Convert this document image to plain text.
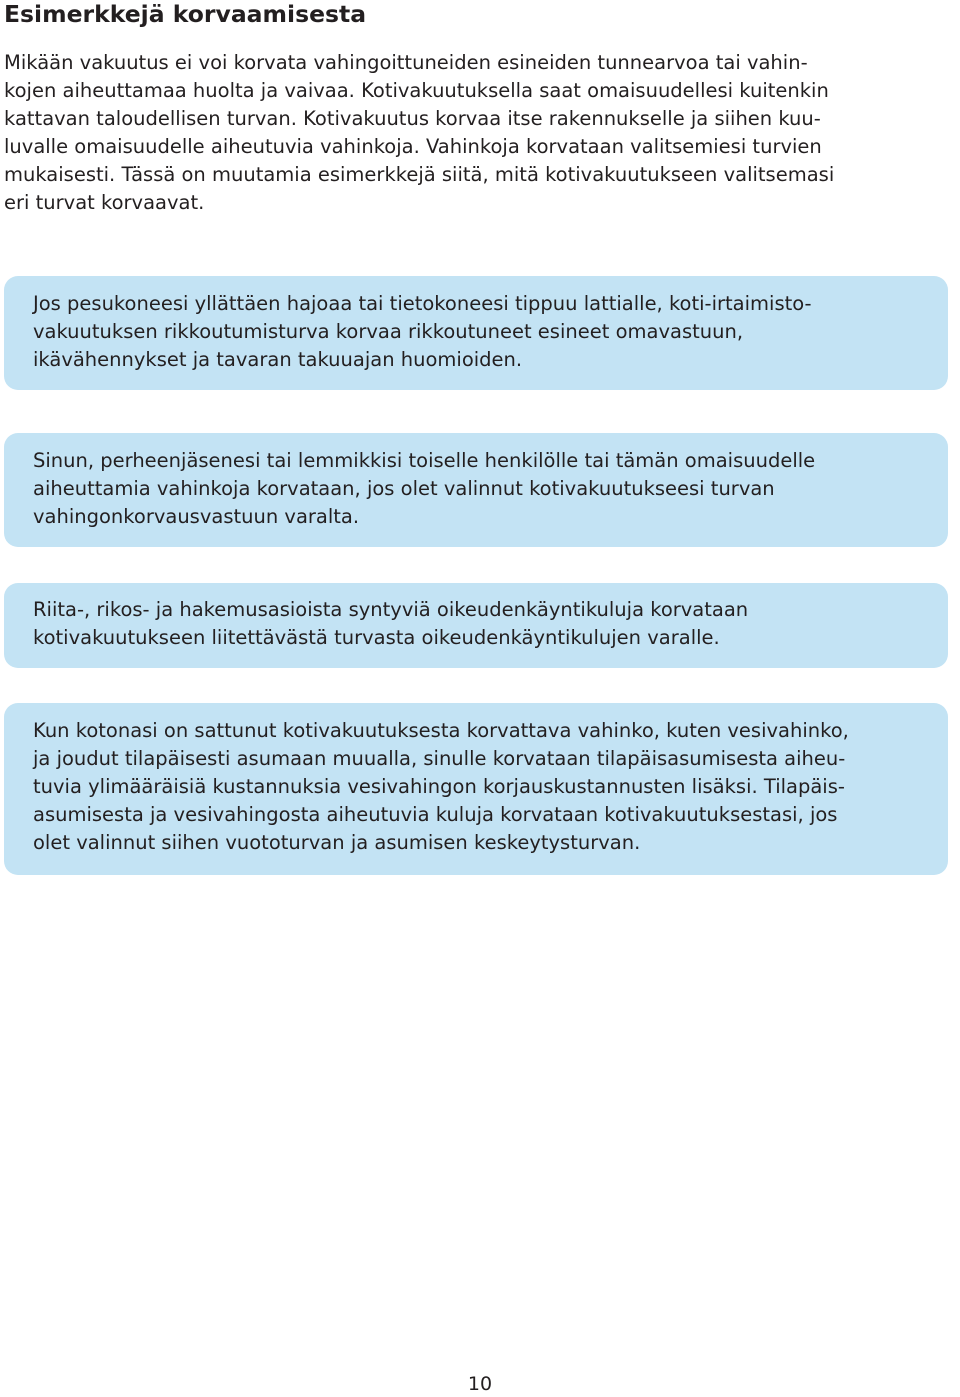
Esimerkkejä korvaamisesta

Mikään vakuutus ei voi korvata vahingoittuneiden esineiden tunnearvoa tai vahin-
kojen aiheuttamaa huolta ja vaivaa. Kotivakuutuksella saat omaisuudellesi kuitenkin
kattavan taloudellisen turvan. Kotivakuutus korvaa itse rakennukselle ja siihen kuu-
luvalle omaisuudelle aiheutuvia vahinkoja. Vahinkoja korvataan valitsemiesi turvien
mukaisesti. Tässä on muutamia esimerkkejä siitä, mitä kotivakuutukseen valitsemasi
eri turvat korvaavat.

Jos pesukoneesi yllättäen hajoaa tai tietokoneesi tippuu lattialle, koti-irtaimisto-
vakuutuksen rikkoutumisturva korvaa rikkoutuneet esineet omavastuun,
ikävähennykset ja tavaran takuuajan huomioiden.

Sinun, perheenjäsenesi tai lemmikkisi toiselle henkilölle tai tämän omaisuudelle
aiheuttamia vahinkoja korvataan, jos olet valinnut kotivakuutukseesi turvan
vahingonkorvausvastuun varalta.

Riita-, rikos- ja hakemusasioista syntyviä oikeudenkäyntikuluja korvataan
kotivakuutukseen liitettävästä turvasta oikeudenkäyntikulujen varalle.

Kun kotonasi on sattunut kotivakuutuksesta korvattava vahinko, kuten vesivahinko,
ja joudut tilapäisesti asumaan muualla, sinulle korvataan tilapäisasumisesta aiheu-
tuvia ylimääräisiä kustannuksia vesivahingon korjauskustannusten lisäksi. Tilapäis-
asumisesta ja vesivahingosta aiheutuvia kuluja korvataan kotivakuutuksestasi, jos
olet valinnut siihen vuototurvan ja asumisen keskeytysturvan.

10
